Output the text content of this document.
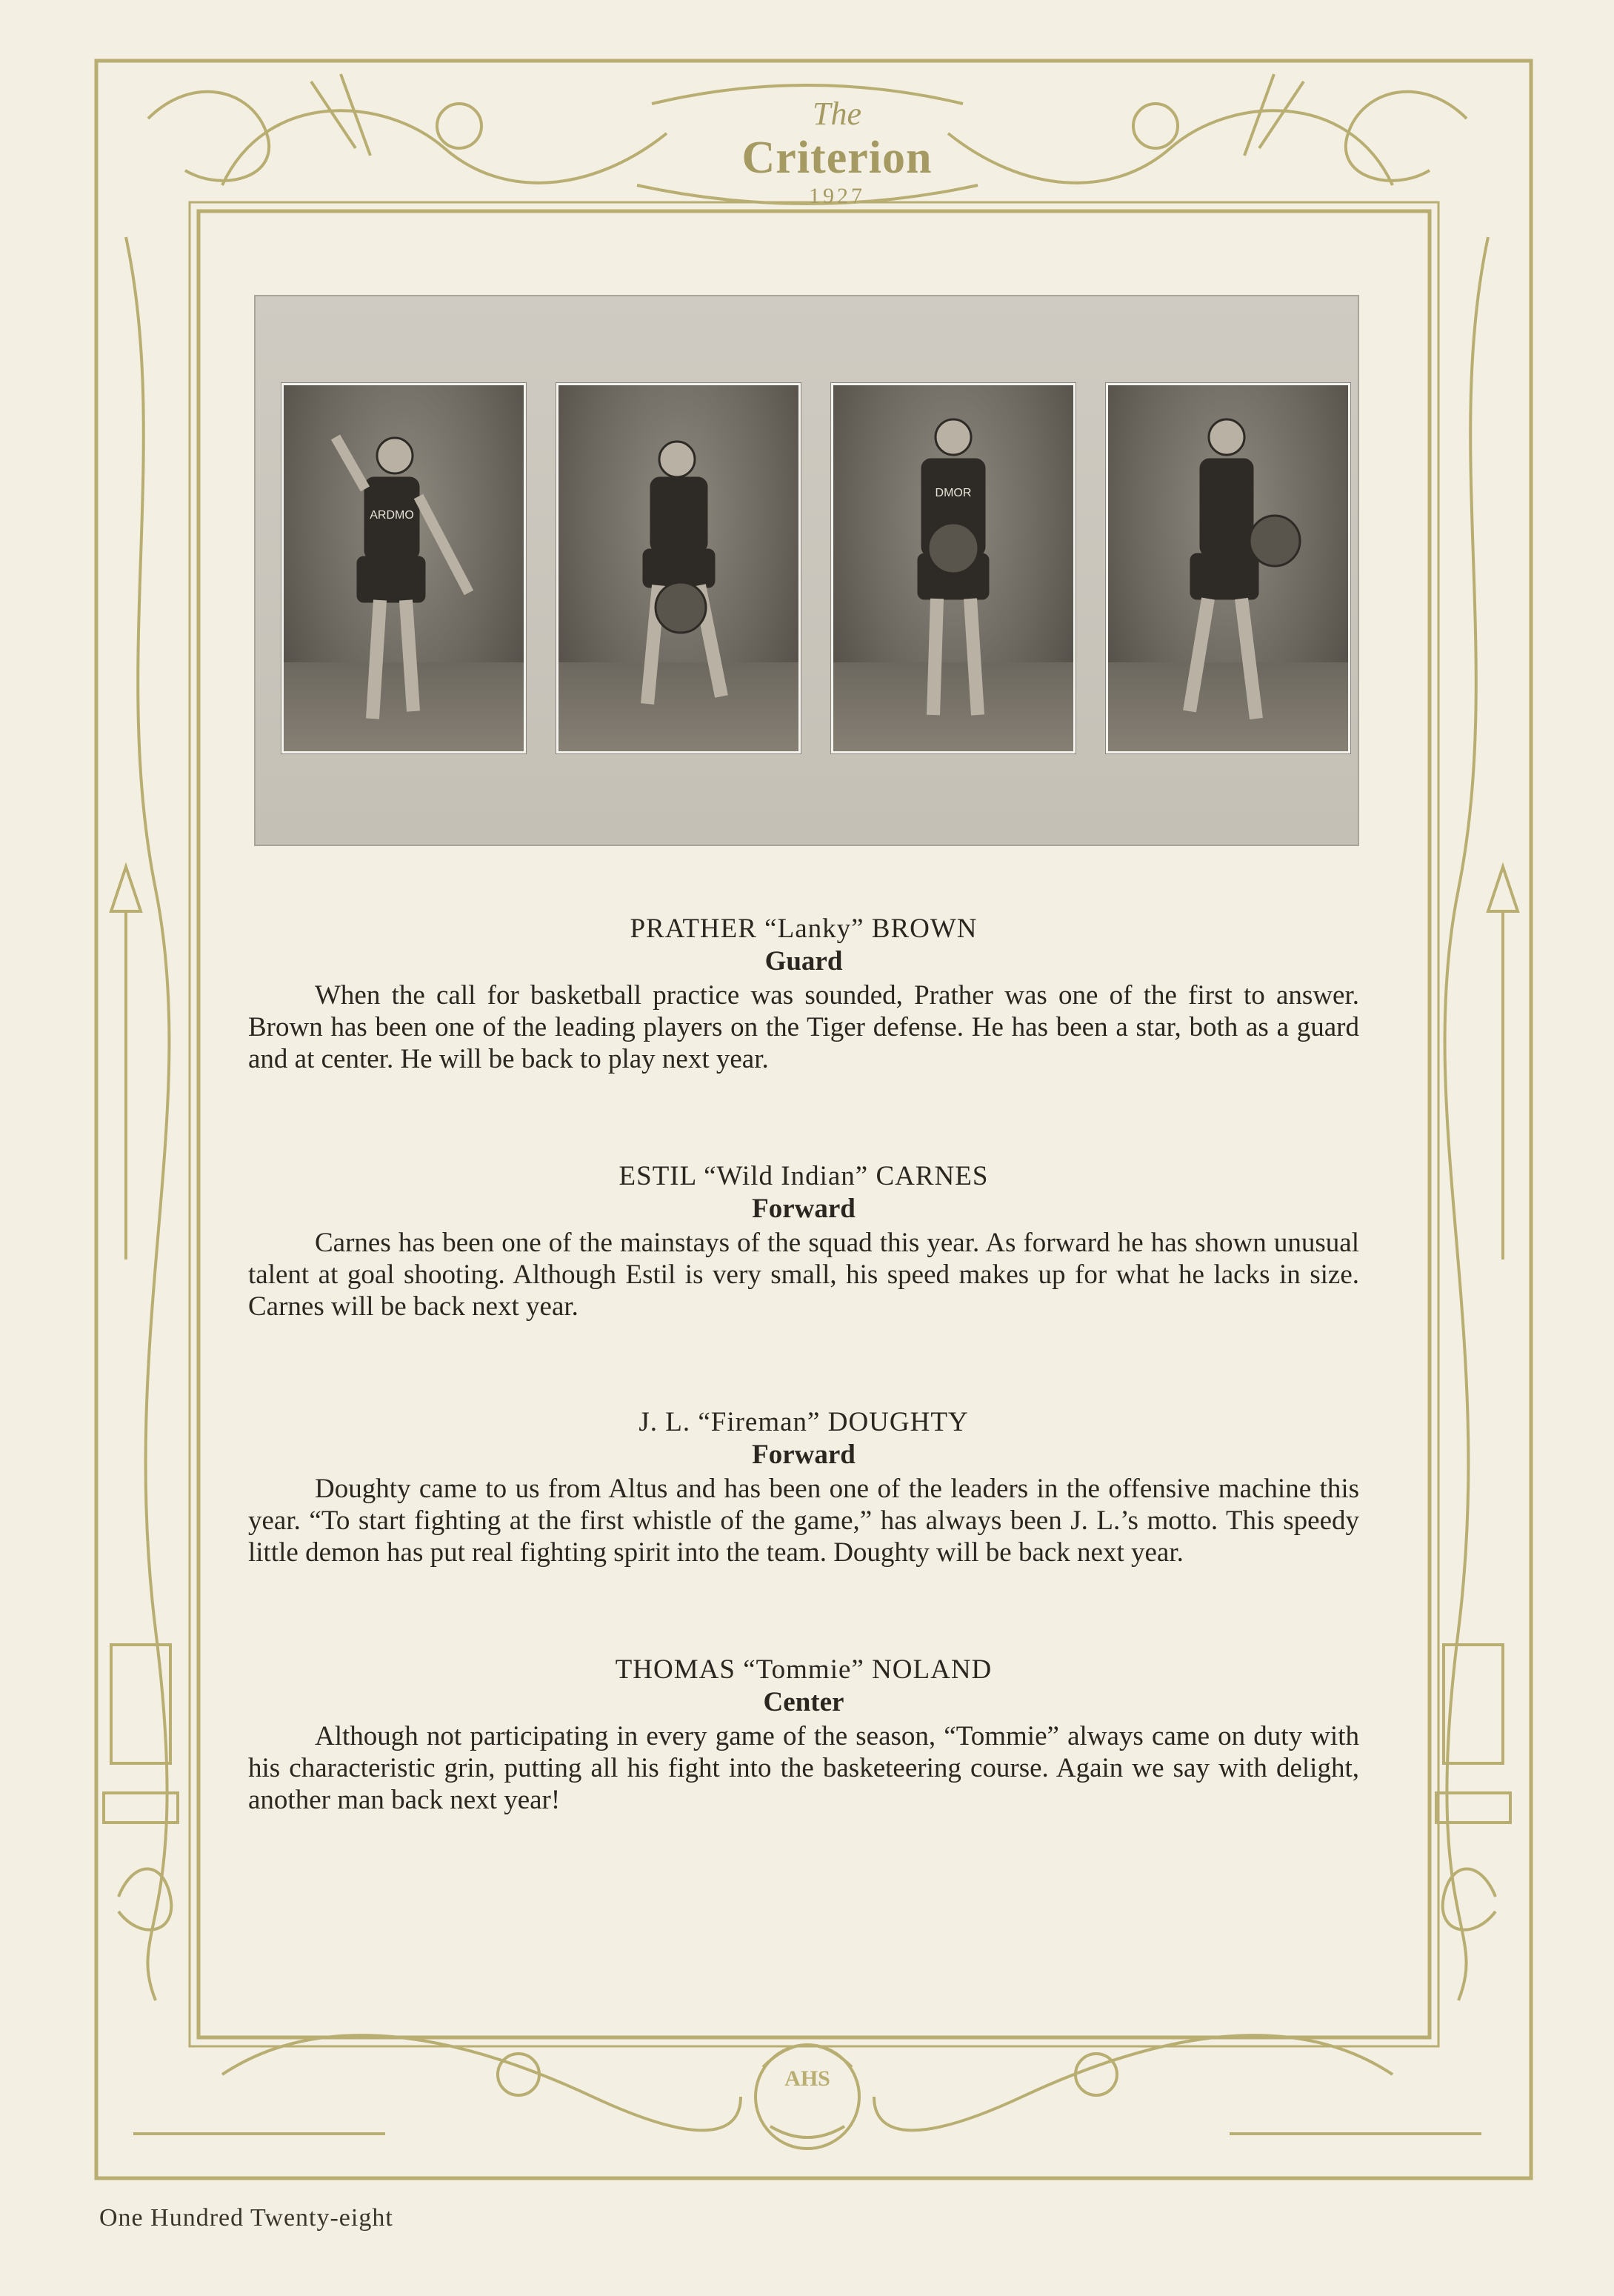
AHS
The
Criterion
1927
ARDMO
DMOR
PRATHER “Lanky” BROWN
Guard
When the call for basketball practice was sounded, Prather was one of the first to answer. Brown has been one of the leading players on the Tiger defense. He has been a star, both as a guard and at center. He will be back to play next year.
ESTIL “Wild Indian” CARNES
Forward
Carnes has been one of the mainstays of the squad this year. As forward he has shown unusual talent at goal shooting. Although Estil is very small, his speed makes up for what he lacks in size. Carnes will be back next year.
J. L. “Fireman” DOUGHTY
Forward
Doughty came to us from Altus and has been one of the leaders in the offensive machine this year. “To start fighting at the first whistle of the game,” has always been J. L.’s motto. This speedy little demon has put real fighting spirit into the team. Doughty will be back next year.
THOMAS “Tommie” NOLAND
Center
Although not participating in every game of the season, “Tommie” always came on duty with his characteristic grin, putting all his fight into the basketeering course. Again we say with delight, another man back next year!
One Hundred Twenty-eight
